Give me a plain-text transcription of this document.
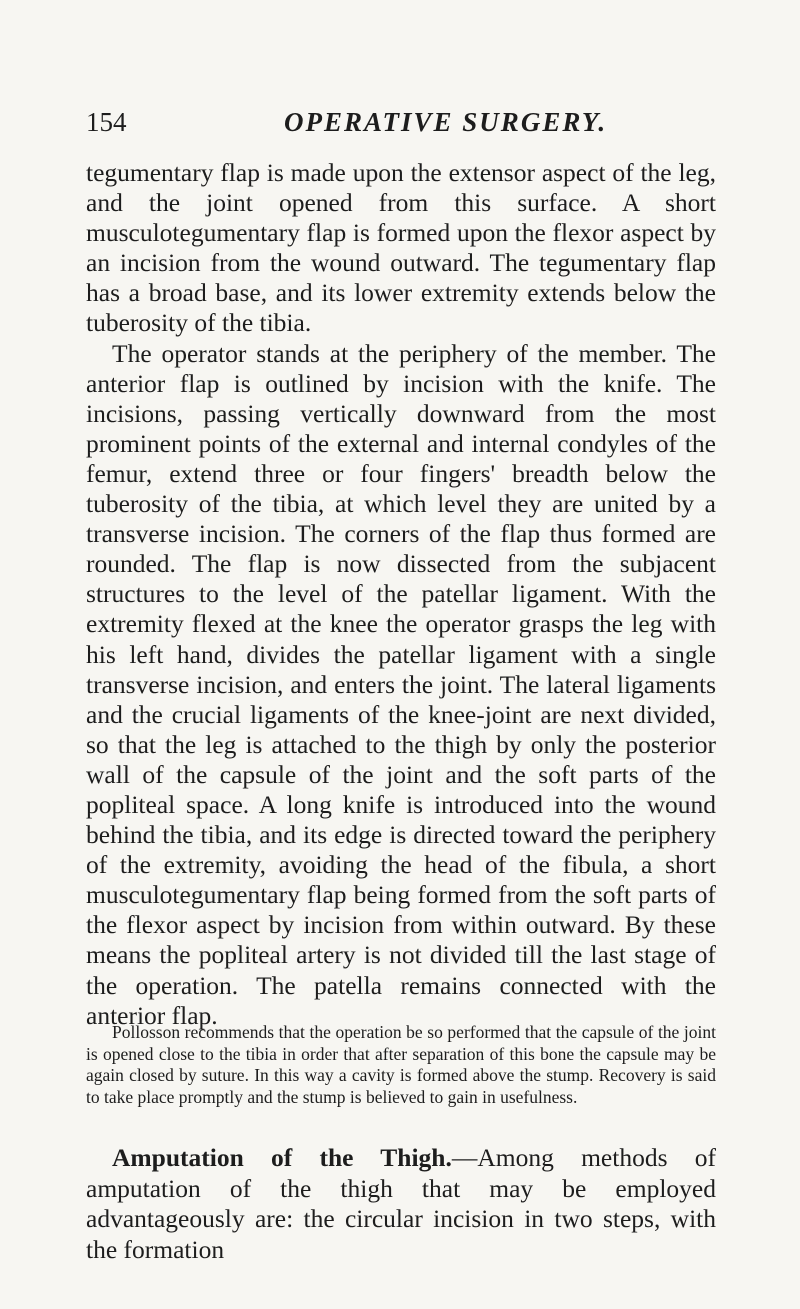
154	OPERATIVE SURGERY.

tegumentary flap is made upon the extensor aspect of the leg, and the joint opened from this surface. A short musculotegumentary flap is formed upon the flexor aspect by an incision from the wound outward. The tegumentary flap has a broad base, and its lower extremity extends below the tuberosity of the tibia.

The operator stands at the periphery of the member. The anterior flap is outlined by incision with the knife. The incisions, passing vertically downward from the most prominent points of the external and internal condyles of the femur, extend three or four fingers' breadth below the tuberosity of the tibia, at which level they are united by a transverse incision. The corners of the flap thus formed are rounded. The flap is now dissected from the subjacent structures to the level of the patellar ligament. With the extremity flexed at the knee the operator grasps the leg with his left hand, divides the patellar ligament with a single transverse incision, and enters the joint. The lateral ligaments and the crucial ligaments of the knee-joint are next divided, so that the leg is attached to the thigh by only the posterior wall of the capsule of the joint and the soft parts of the popliteal space. A long knife is introduced into the wound behind the tibia, and its edge is directed toward the periphery of the extremity, avoiding the head of the fibula, a short musculotegumentary flap being formed from the soft parts of the flexor aspect by incision from within outward. By these means the popliteal artery is not divided till the last stage of the operation. The patella remains connected with the anterior flap.

Pollosson recommends that the operation be so performed that the capsule of the joint is opened close to the tibia in order that after separation of this bone the capsule may be again closed by suture. In this way a cavity is formed above the stump. Recovery is said to take place promptly and the stump is believed to gain in usefulness.

Amputation of the Thigh.—Among methods of amputation of the thigh that may be employed advantageously are: the circular incision in two steps, with the formation
